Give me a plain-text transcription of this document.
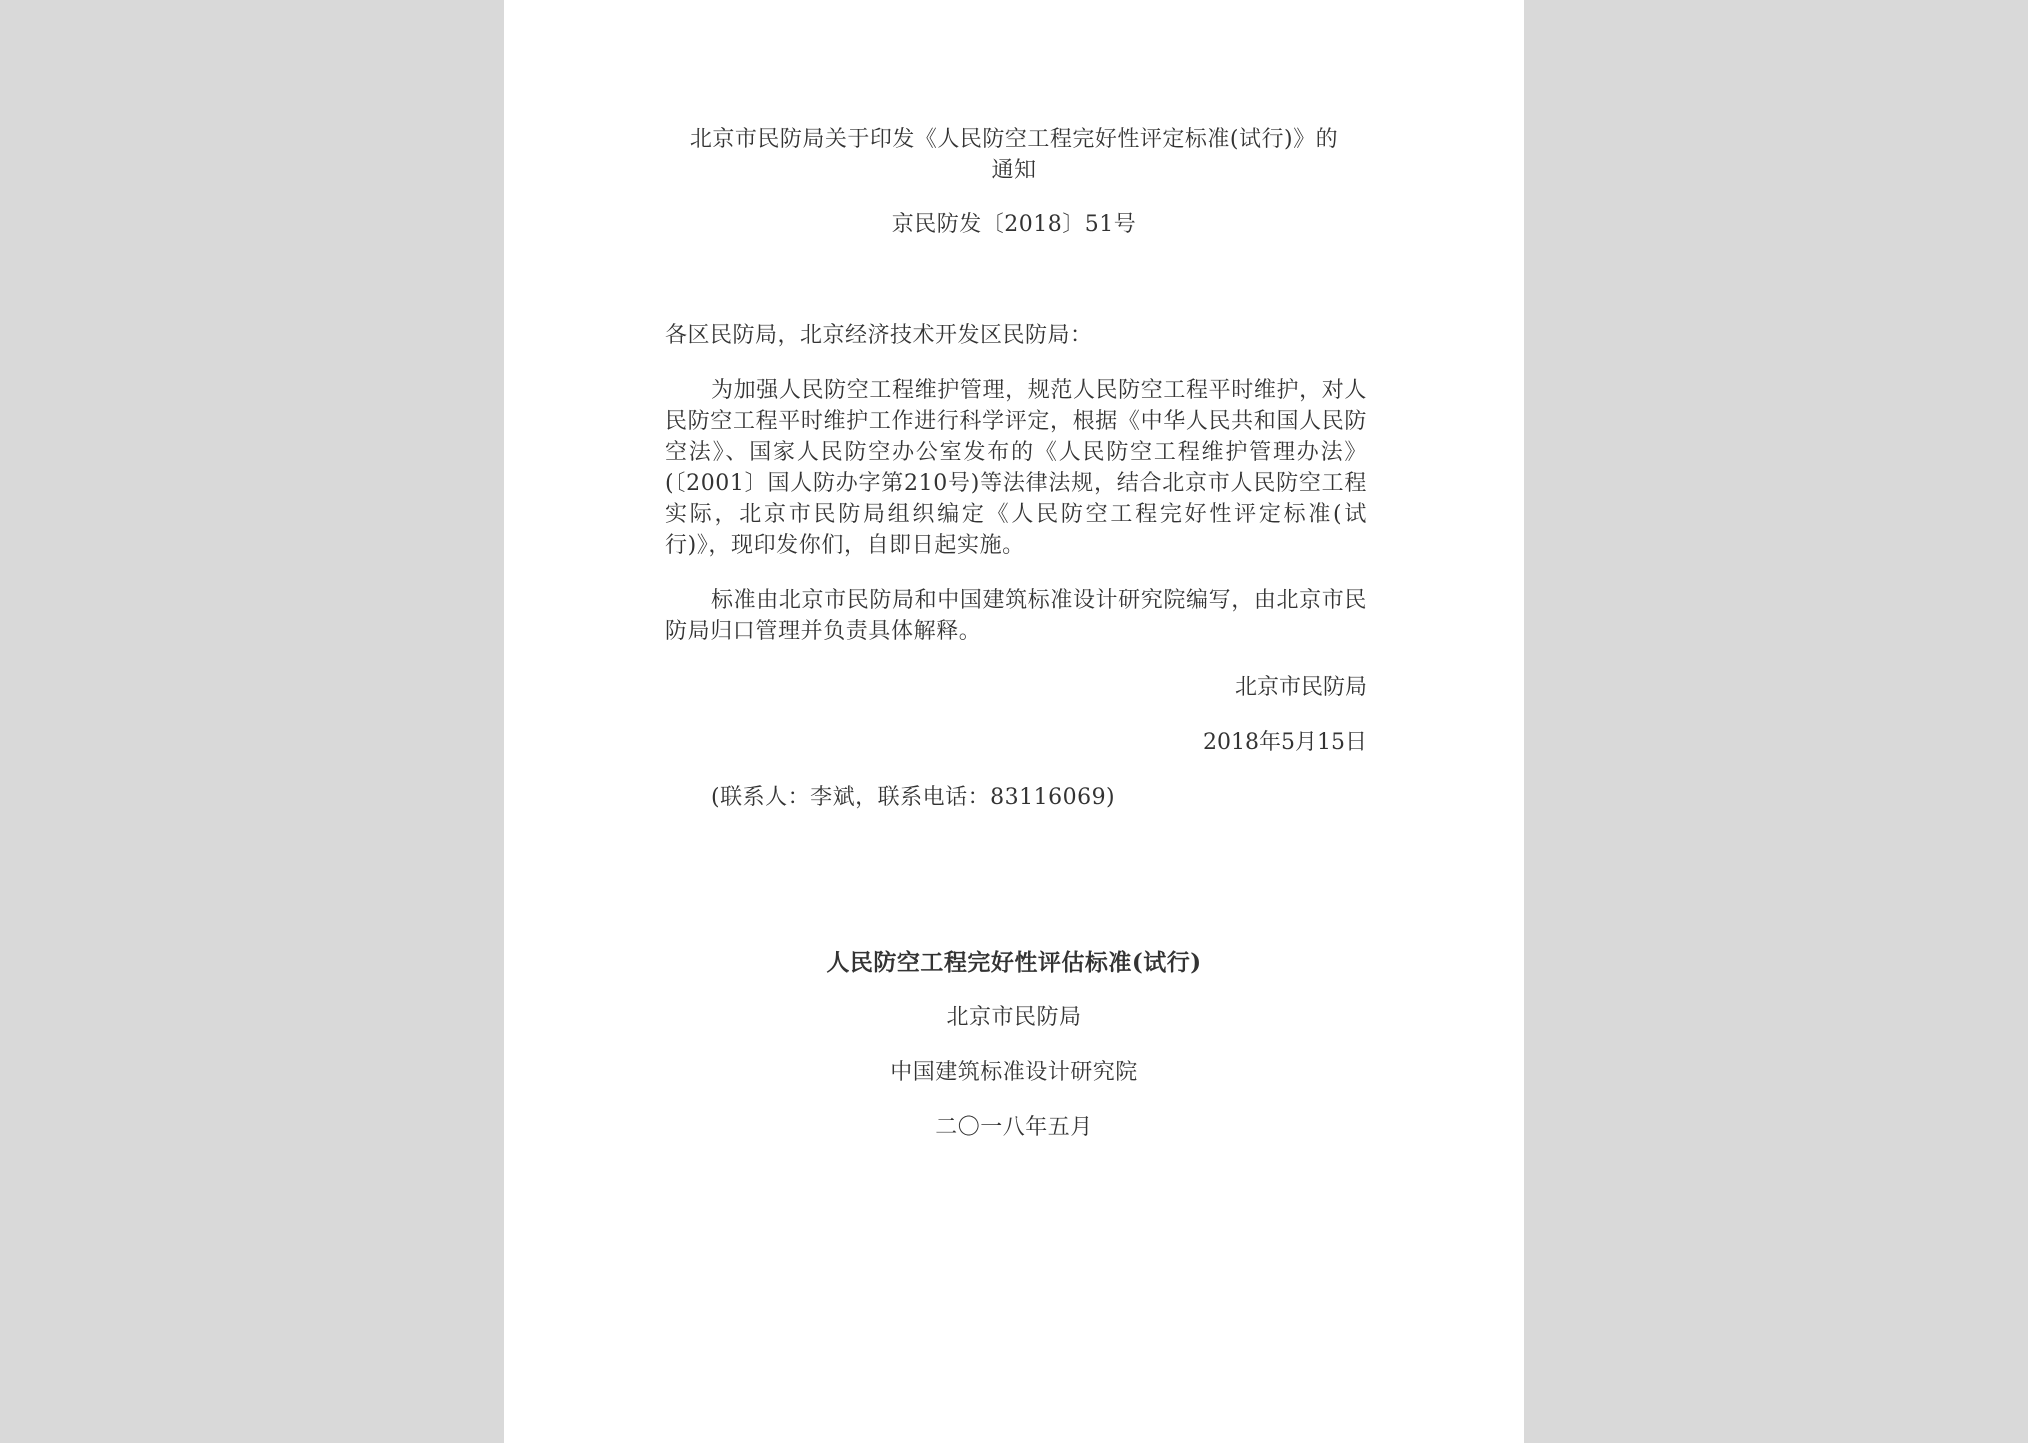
北京市民防局关于印发《人民防空工程完好性评定标准(试行)》的
通知
京民防发〔2018〕51号
各区民防局，北京经济技术开发区民防局：

为加强人民防空工程维护管理，规范人民防空工程平时维护，对人民防空工程平时维护工作进行科学评定，根据《中华人民共和国人民防空法》、国家人民防空办公室发布的《人民防空工程维护管理办法》(〔2001〕国人防办字第210号)等法律法规，结合北京市人民防空工程实际，北京市民防局组织编定《人民防空工程完好性评定标准(试行)》，现印发你们，自即日起实施。

标准由北京市民防局和中国建筑标准设计研究院编写，由北京市民防局归口管理并负责具体解释。

北京市民防局
2018年5月15日
(联系人：李斌，联系电话：83116069)
人民防空工程完好性评估标准(试行)
北京市民防局
中国建筑标准设计研究院
二〇一八年五月
